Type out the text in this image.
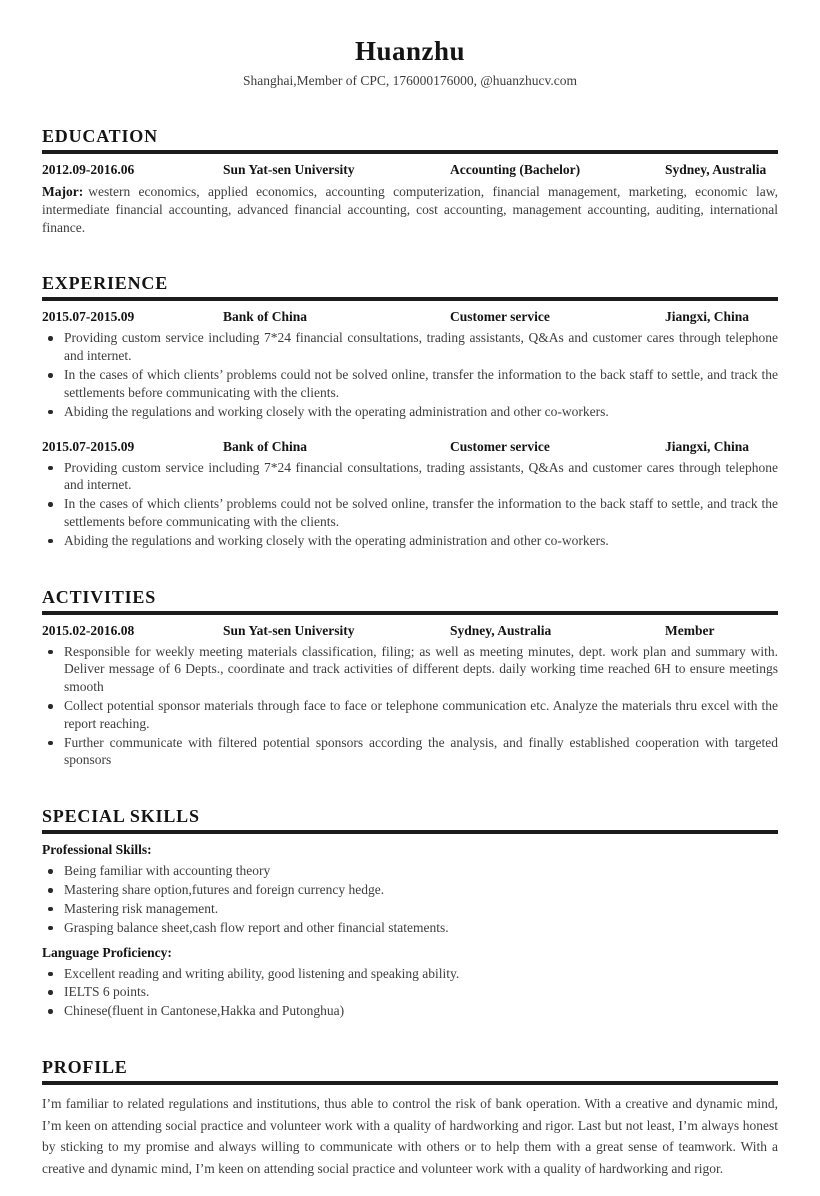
Huanzhu
Shanghai,Member of CPC, 176000176000, @huanzhucv.com
EDUCATION
2012.09-2016.06	Sun Yat-sen University	Accounting (Bachelor)	Sydney, Australia
Major: western economics, applied economics, accounting computerization, financial management, marketing, economic law, intermediate financial accounting, advanced financial accounting, cost accounting, management accounting, auditing, international finance.
EXPERIENCE
2015.07-2015.09	Bank of China	Customer service	Jiangxi, China
Providing custom service including 7*24 financial consultations, trading assistants, Q&As and customer cares through telephone and internet.
In the cases of which clients’ problems could not be solved online, transfer the information to the back staff to settle, and track the settlements before communicating with the clients.
Abiding the regulations and working closely with the operating administration and other co-workers.
2015.07-2015.09	Bank of China	Customer service	Jiangxi, China
Providing custom service including 7*24 financial consultations, trading assistants, Q&As and customer cares through telephone and internet.
In the cases of which clients’ problems could not be solved online, transfer the information to the back staff to settle, and track the settlements before communicating with the clients.
Abiding the regulations and working closely with the operating administration and other co-workers.
ACTIVITIES
2015.02-2016.08	Sun Yat-sen University	Sydney, Australia	Member
Responsible for weekly meeting materials classification, filing; as well as meeting minutes, dept. work plan and summary with. Deliver message of 6 Depts., coordinate and track activities of different depts. daily working time reached 6H to ensure meetings smooth
Collect potential sponsor materials through face to face or telephone communication etc. Analyze the materials thru excel with the report reaching.
Further communicate with filtered potential sponsors according the analysis, and finally established cooperation with targeted sponsors
SPECIAL SKILLS
Professional Skills:
Being familiar with accounting theory
Mastering share option,futures and foreign currency hedge.
Mastering risk management.
Grasping balance sheet,cash flow report and other financial statements.
Language Proficiency:
Excellent reading and writing ability, good listening and speaking ability.
IELTS 6 points.
Chinese(fluent in Cantonese,Hakka and Putonghua)
PROFILE
I’m familiar to related regulations and institutions, thus able to control the risk of bank operation. With a creative and dynamic mind, I’m keen on attending social practice and volunteer work with a quality of hardworking and rigor. Last but not least, I’m always honest by sticking to my promise and always willing to communicate with others or to help them with a great sense of teamwork. With a creative and dynamic mind, I’m keen on attending social practice and volunteer work with a quality of hardworking and rigor.
